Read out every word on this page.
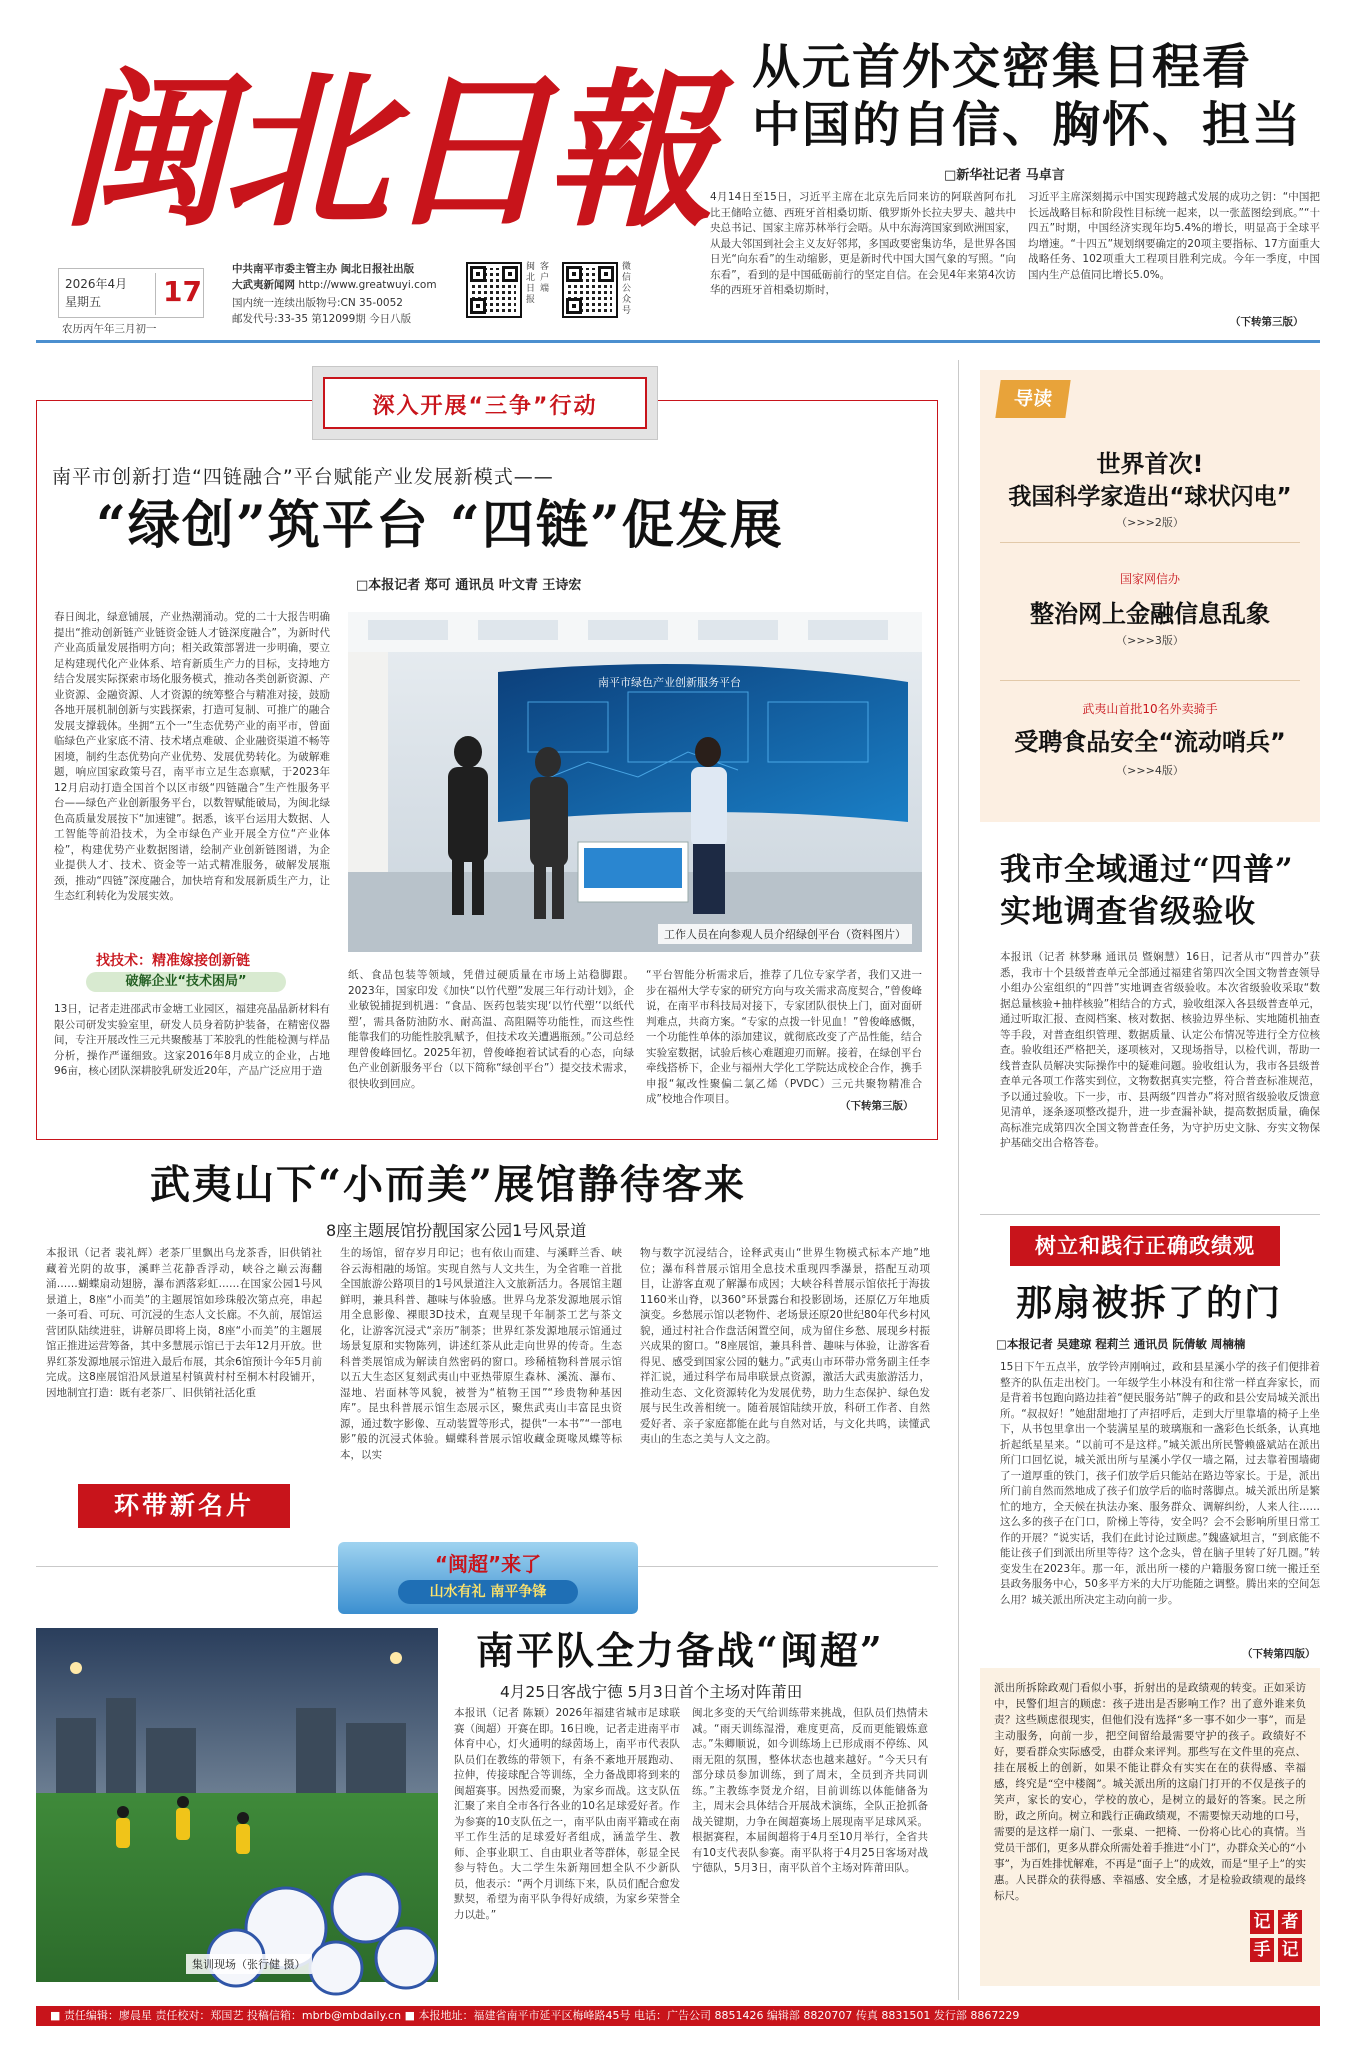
闽北日報
2026年4月
星期五 17
农历丙午年三月初一
中共南平市委主管主办 闽北日报社出版
大武夷新闻网 http://www.greatwuyi.com
国内统一连续出版物号:CN 35-0052
邮发代号:33-35 第12099期 今日八版
闽北日报
客户端
微信公众号
从元首外交密集日程看
中国的自信、胸怀、担当
□新华社记者 马卓言
4月14日至15日，习近平主席在北京先后同来访的阿联酋阿布扎比王储哈立德、西班牙首相桑切斯、俄罗斯外长拉夫罗夫、越共中央总书记、国家主席苏林举行会晤。从中东海湾国家到欧洲国家，从最大邻国到社会主义友好邻邦，多国政要密集访华，是世界各国日光“向东看”的生动缩影，更是新时代中国大国气象的写照。“向东看”，看到的是中国砥砺前行的坚定自信。在会见4年来第4次访华的西班牙首相桑切斯时，
习近平主席深刻揭示中国实现跨越式发展的成功之钥：“中国把长远战略目标和阶段性目标统一起来，以一张蓝图绘到底。”“十四五”时期，中国经济实现年均5.4%的增长，明显高于全球平均增速。“十四五”规划纲要确定的20项主要指标、17方面重大战略任务、102项重大工程项目胜利完成。今年一季度，中国国内生产总值同比增长5.0%。
（下转第三版）
深入开展“三争”行动
南平市创新打造“四链融合”平台赋能产业发展新模式——
“绿创”筑平台 “四链”促发展
□本报记者 郑可 通讯员 叶文青 王诗宏
春日闽北，绿意铺展，产业热潮涌动。党的二十大报告明确提出“推动创新链产业链资金链人才链深度融合”，为新时代产业高质量发展指明方向；相关政策部署进一步明确，要立足构建现代化产业体系、培育新质生产力的目标，支持地方结合发展实际探索市场化服务模式，推动各类创新资源、产业资源、金融资源、人才资源的统筹整合与精准对接，鼓励各地开展机制创新与实践探索，打造可复制、可推广的融合发展支撑载体。坐拥“五个一”生态优势产业的南平市，曾面临绿色产业家底不清、技术堵点难破、企业融资渠道不畅等困境，制约生态优势向产业优势、发展优势转化。为破解难题，响应国家政策号召，南平市立足生态禀赋，于2023年12月启动打造全国首个以区市级“四链融合”生产性服务平台——绿色产业创新服务平台，以数智赋能破局，为闽北绿色高质量发展按下“加速键”。据悉，该平台运用大数据、人工智能等前沿技术，为全市绿色产业开展全方位“产业体检”，构建优势产业数据图谱，绘制产业创新链图谱，为企业提供人才、技术、资金等一站式精准服务，破解发展瓶颈，推动“四链”深度融合，加快培育和发展新质生产力，让生态红利转化为发展实效。
找技术：精准嫁接创新链
破解企业“技术困局”
13日，记者走进邵武市金塘工业园区，福建亮晶晶新材料有限公司研发实验室里，研发人员身着防护装备，在精密仪器间，专注开展改性三元共聚酸基丁苯胶乳的性能检测与样品分析，操作严谨细致。这家2016年8月成立的企业，占地96亩，核心团队深耕胶乳研发近20年，产品广泛应用于造
南平市绿色产业创新服务平台
工作人员在向参观人员介绍绿创平台（资料图片）
纸、食品包装等领域，凭借过硬质量在市场上站稳脚跟。2023年，国家印发《加快“以竹代塑”发展三年行动计划》，企业敏锐捕捉到机遇：“食品、医药包装实现‘以竹代塑’‘以纸代塑’，需具备防油防水、耐高温、高阻隔等功能性，而这些性能靠我们的功能性胶乳赋予，但技术攻关遭遇瓶颈。”公司总经理曾俊峰回忆。2025年初，曾俊峰抱着试试看的心态，向绿色产业创新服务平台（以下简称“绿创平台”）提交技术需求，很快收到回应。
“平台智能分析需求后，推荐了几位专家学者，我们又进一步在福州大学专家的研究方向与攻关需求高度契合，”曾俊峰说，在南平市科技局对接下，专家团队很快上门，面对面研判难点，共商方案。“专家的点拨一针见血！”曾俊峰感慨，一个功能性单体的添加建议，就彻底改变了产品性能，结合实验室数据，试验后核心难题迎刃而解。接着，在绿创平台牵线搭桥下，企业与福州大学化工学院达成校企合作，携手申报“氟改性聚偏二氯乙烯（PVDC）三元共聚物精准合成”校地合作项目。
（下转第三版）
武夷山下“小而美”展馆静待客来
8座主题展馆扮靓国家公园1号风景道
本报讯（记者 裴礼辉）老茶厂里飘出乌龙茶香，旧供销社藏着光阴的故事，溪畔兰花静香浮动，峡谷之巅云海翻涌……蝴蝶扇动翅膀，瀑布洒落彩虹……在国家公园1号风景道上，8座“小而美”的主题展馆如珍珠般次第点亮，串起一条可看、可玩、可沉浸的生态人文长廊。不久前，展馆运营团队陆续进驻，讲解员即将上岗，8座“小而美”的主题展馆正推进运营筹备，其中多慧展示馆已于去年12月开放。世界红茶发源地展示馆进入最后布展，其余6馆预计今年5月前完成。这8座展馆沿风景道星村镇黄村村至桐木村段铺开，因地制宜打造：既有老茶厂、旧供销社活化重
生的场馆，留存岁月印记；也有依山而建、与溪畔兰香、峡谷云海相融的场馆。实现自然与人文共生，为全省唯一首批全国旅游公路项目的1号风景道注入文旅新活力。各展馆主题鲜明，兼具科普、趣味与体验感。世界乌龙茶发源地展示馆用全息影像、裸眼3D技术，直观呈现千年制茶工艺与茶文化，让游客沉浸式“亲历”制茶；世界红茶发源地展示馆通过场景复原和实物陈列，讲述红茶从此走向世界的传奇。生态科普类展馆成为解读自然密码的窗口。珍稀植物科普展示馆以五大生态区复刻武夷山中亚热带原生森林、溪流、瀑布、湿地、岩面林等风貌，被誉为“植物王国”“珍贵物种基因库”。昆虫科普展示馆生态展示区，聚焦武夷山丰富昆虫资源，通过数字影像、互动装置等形式，提供“一本书”“一部电影”般的沉浸式体验。蝴蝶科普展示馆收藏金斑喙凤蝶等标本，以实
物与数字沉浸结合，诠释武夷山“世界生物模式标本产地”地位；瀑布科普展示馆用全息技术重现四季瀑景，搭配互动项目，让游客直观了解瀑布成因；大峡谷科普展示馆依托于海拔1160米山脊，以360°环景露台和投影剧场，还原亿万年地质演变。乡愁展示馆以老物件、老场景还原20世纪80年代乡村风貌，通过村社合作盘活闲置空间，成为留住乡愁、展现乡村振兴成果的窗口。“8座展馆，兼具科普、趣味与体验，让游客看得见、感受到国家公园的魅力。”武夷山市环带办常务副主任李祥汇说，通过科学布局串联景点资源，激活大武夷旅游活力，推动生态、文化资源转化为发展优势，助力生态保护、绿色发展与民生改善相统一。随着展馆陆续开放，科研工作者、自然爱好者、亲子家庭都能在此与自然对话，与文化共鸣，读懂武夷山的生态之美与人文之韵。
环带新名片
“闽超”来了
山水有礼 南平争锋
集训现场（张行健 摄）
南平队全力备战“闽超”
4月25日客战宁德 5月3日首个主场对阵莆田
本报讯（记者 陈颖）2026年福建省城市足球联赛（闽超）开赛在即。16日晚，记者走进南平市体育中心，灯火通明的绿茵场上，南平市代表队队员们在教练的带领下，有条不紊地开展跑动、拉伸，传接球配合等训练，全力备战即将到来的闽超赛事。因热爱而聚，为家乡而战。这支队伍汇聚了来自全市各行各业的10名足球爱好者。作为参赛的10支队伍之一，南平队由南平籍或在南平工作生活的足球爱好者组成，涵盖学生、教师、企事业职工、自由职业者等群体，彰显全民参与特色。大二学生朱新翔回想全队不少新队员，他表示：“两个月训练下来，队员们配合愈发默契，希望为南平队争得好成绩，为家乡荣誉全力以赴。”
闽北多变的天气给训练带来挑战，但队员们热情未减。“雨天训练湿滑，难度更高，反而更能锻炼意志。”朱卿顺说，如今训练场上已形成雨不停练、风雨无阻的氛围，整体状态也越来越好。“今天只有部分球员参加训练，到了周末，全员到齐共同训练。”主教练李贤龙介绍，目前训练以体能储备为主，周末会具体结合开展战术演练，全队正抢抓备战关键期，力争在闽超赛场上展现南平足球风采。根据赛程，本届闽超将于4月至10月举行，全省共有10支代表队参赛。南平队将于4月25日客场对战宁德队，5月3日，南平队首个主场对阵莆田队。
导读
世界首次!
我国科学家造出“球状闪电”
（>>>2版）
国家网信办
整治网上金融信息乱象
（>>>3版）
武夷山首批10名外卖骑手
受聘食品安全“流动哨兵”
（>>>4版）
我市全域通过“四普”
实地调查省级验收
本报讯（记者 林梦琳 通讯员 暨娴慧）16日，记者从市“四普办”获悉，我市十个县级普查单元全部通过福建省第四次全国文物普查领导小组办公室组织的“四普”实地调查省级验收。本次省级验收采取“数据总量核验+抽样核验”相结合的方式，验收组深入各县级普查单元，通过听取汇报、查阅档案、核对数据、核验边界坐标、实地随机抽查等手段，对普查组织管理、数据质量、认定公布情况等进行全方位核查。验收组还严格把关，逐项核对，又现场指导，以检代训，帮助一线普查队员解决实际操作中的疑难问题。验收组认为，我市各县级普查单元各项工作落实到位，文物数据真实完整，符合普查标准规范，予以通过验收。下一步，市、县两级“四普办”将对照省级验收反馈意见清单，逐条逐项整改提升，进一步查漏补缺，提高数据质量，确保高标准完成第四次全国文物普查任务，为守护历史文脉、夯实文物保护基础交出合格答卷。
树立和践行正确政绩观
那扇被拆了的门
□本报记者 吴建琼 程莉兰 通讯员 阮倩敏 周楠楠
15日下午五点半，放学铃声刚响过，政和县星溪小学的孩子们便排着整齐的队伍走出校门。一年级学生小林没有和往常一样直奔家长，而是背着书包跑向路边挂着“便民服务站”牌子的政和县公安局城关派出所。“叔叔好！”她甜甜地打了声招呼后，走到大厅里靠墙的椅子上坐下，从书包里拿出一个装满星星的玻璃瓶和一盏彩色长纸条，认真地折起纸星星来。“以前可不是这样。”城关派出所民警赖盛斌站在派出所门口回忆说，城关派出所与星溪小学仅一墙之隔，过去靠着围墙砌了一道厚重的铁门，孩子们放学后只能站在路边等家长。于是，派出所门前自然而然地成了孩子们放学后的临时落脚点。城关派出所是繁忙的地方，全天候在执法办案、服务群众、调解纠纷，人来人往……这么多的孩子在门口，阶梯上等待，安全吗？会不会影响所里日常工作的开展？“说实话，我们在此讨论过顾虑。”魏盛斌坦言，“到底能不能让孩子们到派出所里等待？这个念头，曾在脑子里转了好几圈。”转变发生在2023年。那一年，派出所一楼的户籍服务窗口统一搬迁至县政务服务中心，50多平方米的大厅功能随之调整。腾出来的空间怎么用？城关派出所决定主动向前一步。
（下转第四版）
派出所拆除政观门看似小事，折射出的是政绩观的转变。正如采访中，民警们坦言的顾虑：孩子进出是否影响工作？出了意外谁来负责？这些顾虑很现实，但他们没有选择“多一事不如少一事”，而是主动服务，向前一步，把空间留给最需要守护的孩子。政绩好不好，要看群众实际感受，由群众来评判。那些写在文件里的亮点、挂在展板上的创新，如果不能让群众有实实在在的获得感、幸福感，终究是“空中楼阁”。城关派出所的这扇门打开的不仅是孩子的笑声，家长的安心，学校的放心，是树立的最好的答案。民之所盼，政之所向。树立和践行正确政绩观，不需要惊天动地的口号，需要的是这样一扇门、一张桌、一把椅、一份将心比心的真情。当党员干部们，更多从群众所需处着手推进“小门”，办群众关心的“小事”，为百姓排忧解难，不再是“面子上”的成效，而是“里子上”的实惠。人民群众的获得感、幸福感、安全感，才是检验政绩观的最终标尺。
记 者
手 记
■ 责任编辑：廖晨星 责任校对：郑国艺 投稿信箱：mbrb@mbdaily.cn ■ 本报地址：福建省南平市延平区梅峰路45号 电话：广告公司 8851426 编辑部 8820707 传真 8831501 发行部 8867229
